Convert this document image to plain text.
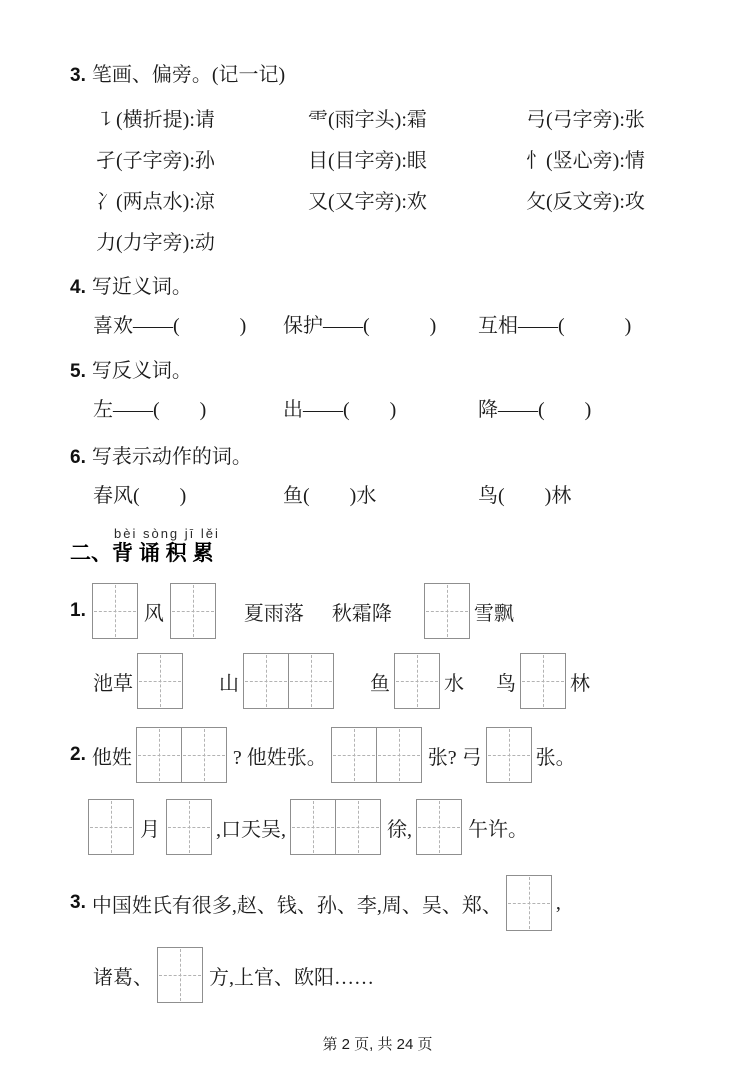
3. 笔画、偏旁。(记一记)
㇊(横折提):请	⻗(雨字头):霜	弓(弓字旁):张
孑(子字旁):孙	目(目字旁):眼	忄(竖心旁):情
冫(两点水):凉	又(又字旁):欢	攵(反文旁):攻
力(力字旁):动
4. 写近义词。
喜欢——(　　　)	保护——(　　　)	互相——(　　　)
5. 写反义词。
左——(　　)	出——(　　)	降——(　　)
6. 写表示动作的词。
春风(　　)	鱼(　　)水	鸟(　　)林
bèi sòng jī lěi
二、背 诵 积 累
1.	风	夏雨落 秋霜降	雪飘
池草	山	鱼	水 鸟	林
2. 他姓	? 他姓张。	张? 弓	张。
月	,口天吴,	徐,	午许。
3. 中国姓氏有很多,赵、钱、孙、李,周、吴、郑、	,
诸葛、	方,上官、欧阳……
第 2 页, 共 24 页
